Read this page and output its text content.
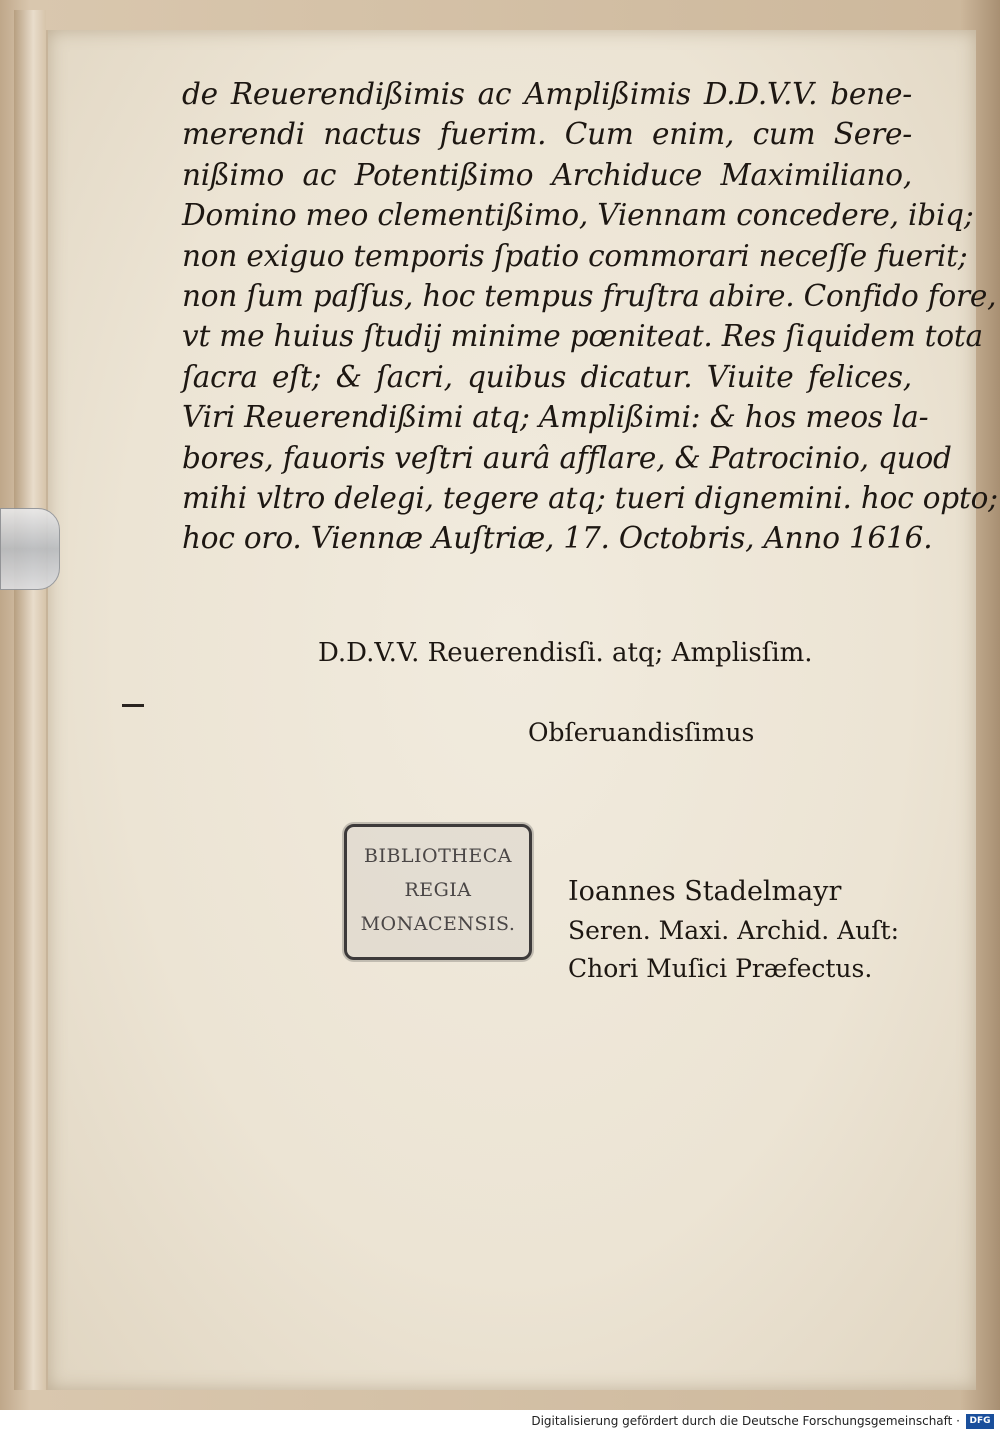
de Reuerendißimis ac Amplißimis D.D.V.V. bene-
merendi nactus fuerim. Cum enim, cum Sere-
nißimo ac Potentißimo Archiduce Maximiliano,
Domino meo clementißimo, Viennam concedere, ibiq;
non exiguo temporis ſpatio commorari neceſſe fuerit;
non ſum paſſus, hoc tempus fruſtra abire. Confido fore,
vt me huius ſtudij minime pœniteat. Res ſiquidem tota
ſacra eſt; & ſacri, quibus dicatur. Viuite felices,
Viri Reuerendißimi atq; Amplißimi: & hos meos la-
bores, fauoris veſtri aurâ afflare, & Patrocinio, quod
mihi vltro delegi, tegere atq; tueri dignemini. hoc opto;
hoc oro. Viennæ Auſtriæ, 17. Octobris, Anno 1616.
D.D.V.V. Reuerendisſi. atq; Amplisſim.
Obſeruandisſimus
BIBLIOTHECA
REGIA
MONACENSIS.
Ioannes Stadelmayr
Seren. Maxi. Archid. Auſt:
Chori Muſici Præfectus.
Digitalisierung gefördert durch die Deutsche Forschungsgemeinschaft ·	DFG
